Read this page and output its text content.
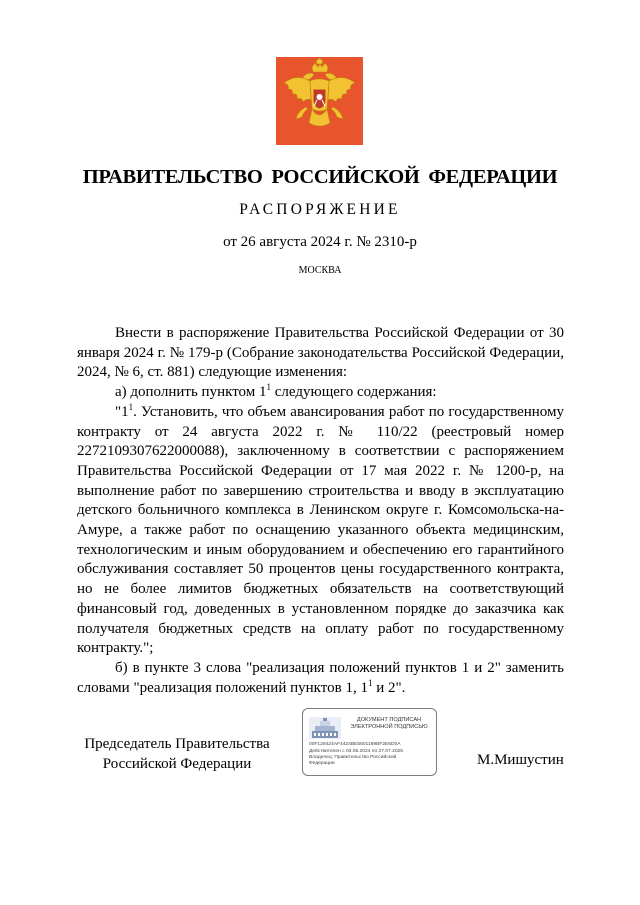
ПРАВИТЕЛЬСТВО РОССИЙСКОЙ ФЕДЕРАЦИИ
РАСПОРЯЖЕНИЕ
от 26 августа 2024 г. № 2310-р
МОСКВА

Внести в распоряжение Правительства Российской Федерации от 30 января 2024 г. № 179-р (Собрание законодательства Российской Федерации, 2024, № 6, ст. 881) следующие изменения:

а) дополнить пунктом $1^1$ следующего содержания:

"$1^1$. Установить, что объем авансирования работ по государственному контракту от 24 августа 2022 г. № 110/22 (реестровый номер 2272109307622000088), заключенному в соответствии с распоряжением Правительства Российской Федерации от 17 мая 2022 г. № 1200-р, на выполнение работ по завершению строительства и вводу в эксплуатацию детского больничного комплекса в Ленинском округе г. Комсомольска-на-Амуре, а также работ по оснащению указанного объекта медицинским, технологическим и иным оборудованием и обеспечению его гарантийного обслуживания составляет 50 процентов цены государственного контракта, но не более лимитов бюджетных обязательств на соответствующий финансовый год, доведенных в установленном порядке до заказчика как получателя бюджетных средств на оплату работ по государственному контракту.";

б) в пункте 3 слова "реализация положений пунктов 1 и 2" заменить словами "реализация положений пунктов 1, $1^1$ и 2".

Председатель Правительства
Российской Федерации
ДОКУМЕНТ ПОДПИСАН
ЭЛЕКТРОННОЙ ПОДПИСЬЮ
00F129424AF4424BE5601189BF2E6D0A
Действителен с 03.05.2024 по 27.07.2025
Владелец: Правительство Российской
Федерации	М.Мишустин
